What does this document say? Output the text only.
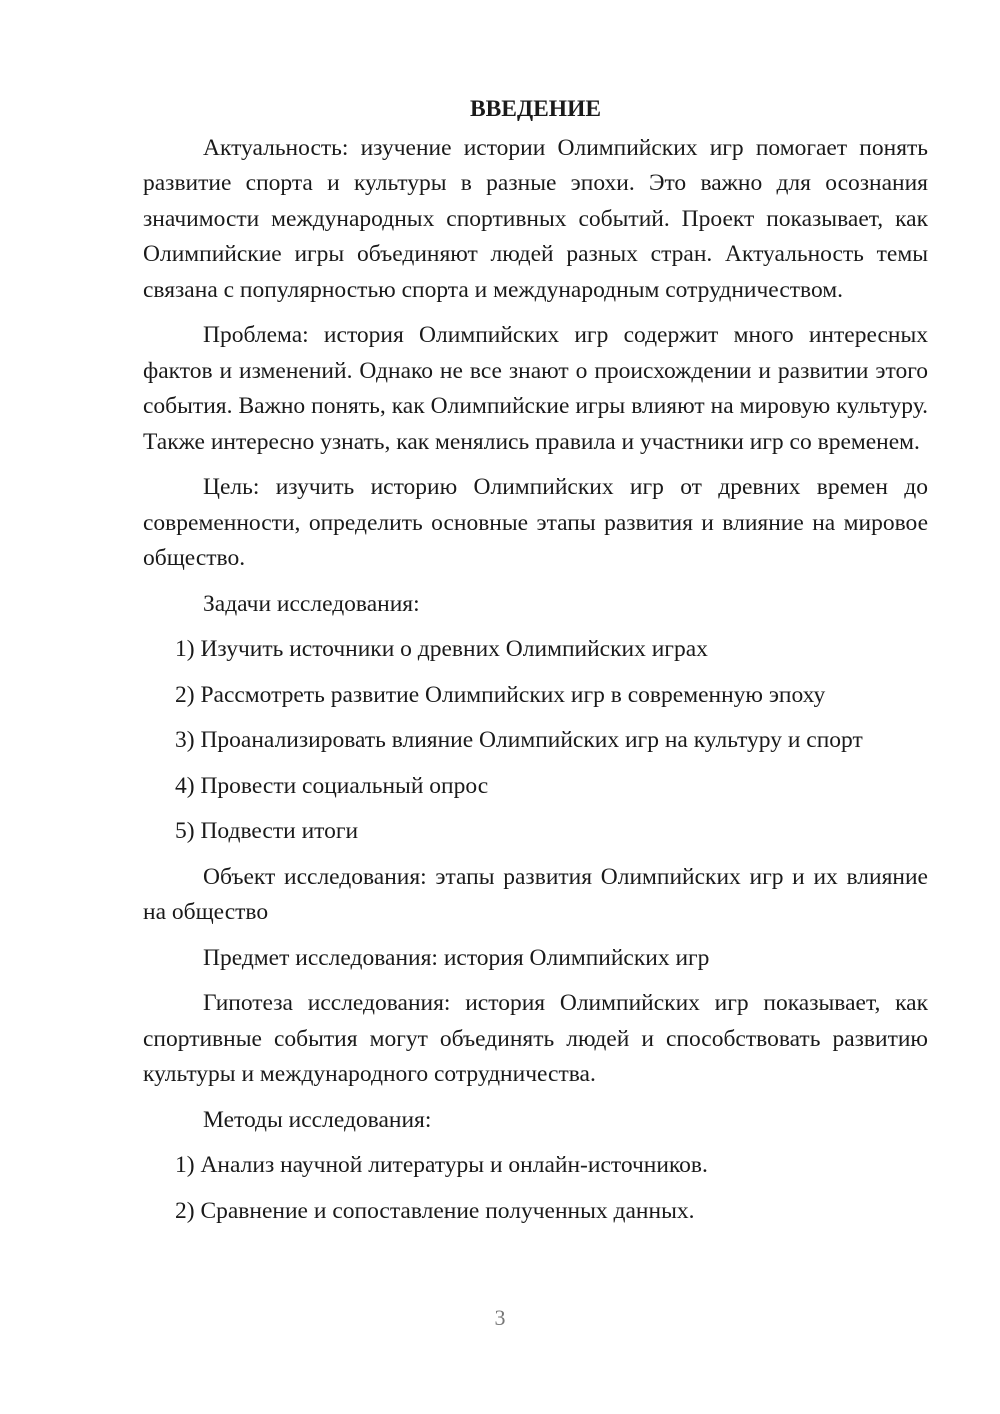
ВВЕДЕНИЕ

Актуальность: изучение истории Олимпийских игр помогает понять развитие спорта и культуры в разные эпохи. Это важно для осознания значимости международных спортивных событий. Проект показывает, как Олимпийские игры объединяют людей разных стран. Актуальность темы связана с популярностью спорта и международным сотрудничеством.

Проблема: история Олимпийских игр содержит много интересных фактов и изменений. Однако не все знают о происхождении и развитии этого события. Важно понять, как Олимпийские игры влияют на мировую культуру. Также интересно узнать, как менялись правила и участники игр со временем.

Цель: изучить историю Олимпийских игр от древних времен до современности, определить основные этапы развития и влияние на мировое общество.

Задачи исследования:

1) Изучить источники о древних Олимпийских играх

2) Рассмотреть развитие Олимпийских игр в современную эпоху

3) Проанализировать влияние Олимпийских игр на культуру и спорт

4) Провести социальный опрос

5) Подвести итоги

Объект исследования: этапы развития Олимпийских игр и их влияние на общество

Предмет исследования: история Олимпийских игр

Гипотеза исследования: история Олимпийских игр показывает, как спортивные события могут объединять людей и способствовать развитию культуры и международного сотрудничества.

Методы исследования:

1) Анализ научной литературы и онлайн-источников.

2) Сравнение и сопоставление полученных данных.

3
